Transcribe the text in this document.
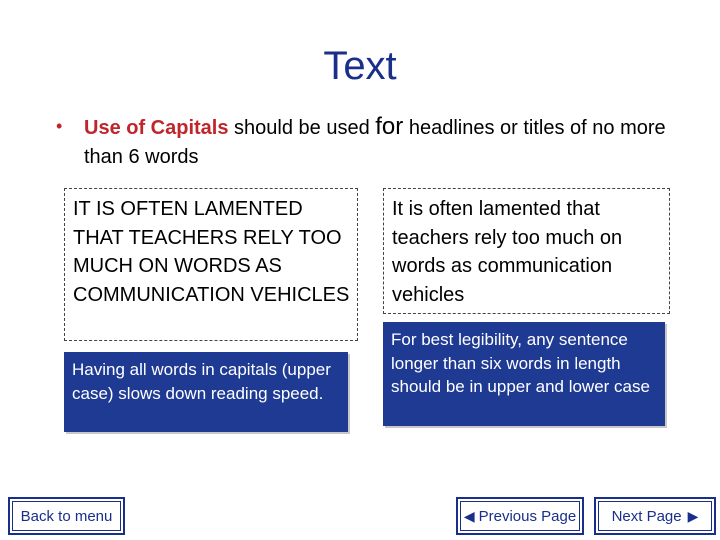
Text
• Use of Capitals should be used for headlines or titles of no more than 6 words
IT IS OFTEN LAMENTED THAT TEACHERS RELY TOO MUCH ON WORDS AS COMMUNICATION VEHICLES
It is often lamented that teachers rely too much on words as communication vehicles
Having all words in capitals (upper case) slows down reading speed.
For best legibility, any sentence longer than six words in length should be in upper and lower case
Back to menu	◀ Previous Page Next Page ▶
